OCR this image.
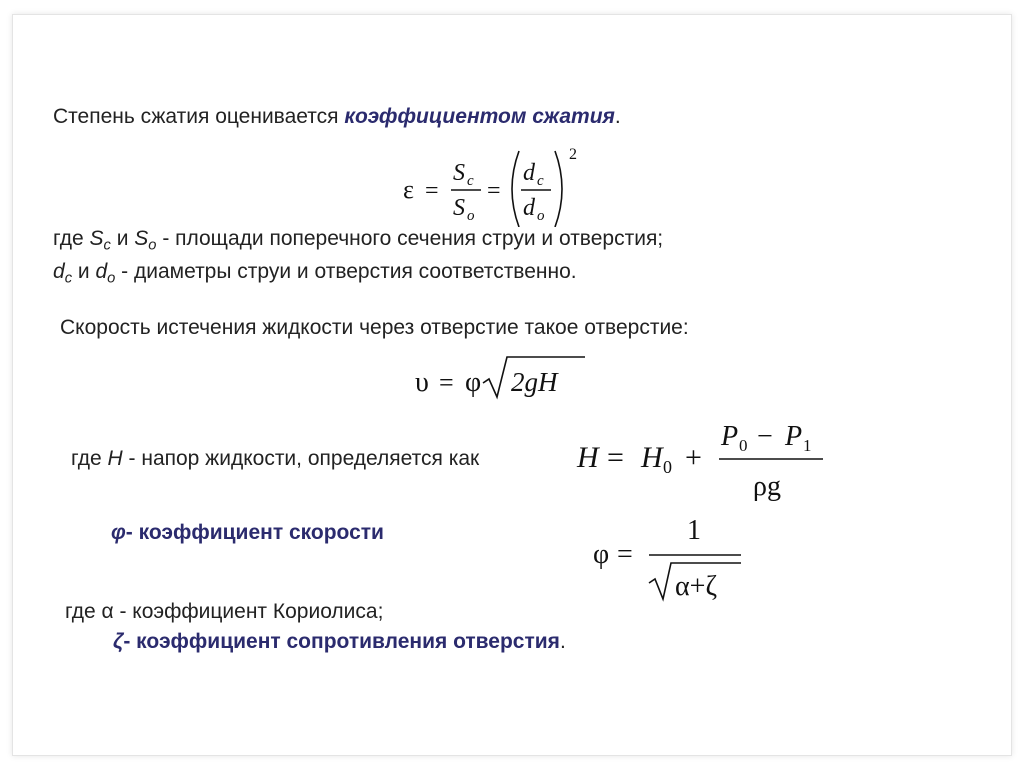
Степень сжатия оценивается коэффициентом сжатия.
ε =
S c
S o
=
d c
d o
2
где $S_c$ и $S_o$ - площади поперечного сечения струи и отверстия;
$d_c$ и $d_o$ - диаметры струи и отверстия соответственно.
Скорость истечения жидкости через отверстие такое отверстие:
υ = φ 2gH
где H - напор жидкости, определяется как	H = H 0 +
P 0 − P 1
ρg
φ- коэффициент скорости
φ =
1
α+ζ
где α - коэффициент Кориолиса;
ζ- коэффициент сопротивления отверстия.
